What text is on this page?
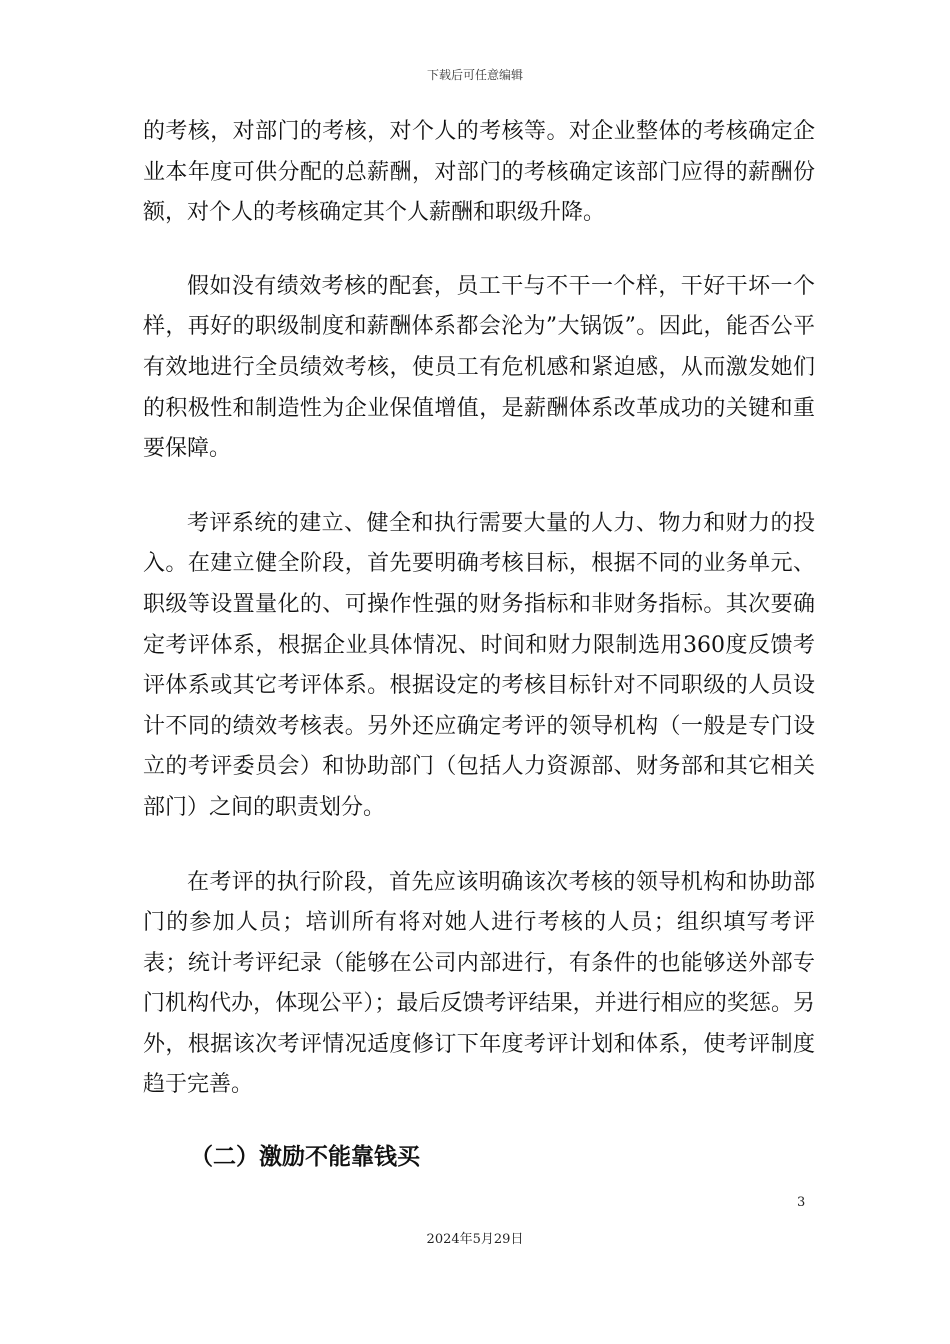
下载后可任意编辑

的考核，对部门的考核，对个人的考核等。对企业整体的考核确定企业本年度可供分配的总薪酬，对部门的考核确定该部门应得的薪酬份额，对个人的考核确定其个人薪酬和职级升降。

假如没有绩效考核的配套，员工干与不干一个样，干好干坏一个样，再好的职级制度和薪酬体系都会沦为”大锅饭”。因此，能否公平有效地进行全员绩效考核，使员工有危机感和紧迫感，从而激发她们的积极性和制造性为企业保值增值，是薪酬体系改革成功的关键和重要保障。

考评系统的建立、健全和执行需要大量的人力、物力和财力的投入。在建立健全阶段，首先要明确考核目标，根据不同的业务单元、职级等设置量化的、可操作性强的财务指标和非财务指标。其次要确定考评体系，根据企业具体情况、时间和财力限制选用360度反馈考评体系或其它考评体系。根据设定的考核目标针对不同职级的人员设计不同的绩效考核表。另外还应确定考评的领导机构（一般是专门设立的考评委员会）和协助部门（包括人力资源部、财务部和其它相关部门）之间的职责划分。

在考评的执行阶段，首先应该明确该次考核的领导机构和协助部门的参加人员；培训所有将对她人进行考核的人员；组织填写考评表；统计考评纪录（能够在公司内部进行，有条件的也能够送外部专门机构代办，体现公平）；最后反馈考评结果，并进行相应的奖惩。另外，根据该次考评情况适度修订下年度考评计划和体系，使考评制度趋于完善。

（二）激励不能靠钱买
3
2024年5月29日
